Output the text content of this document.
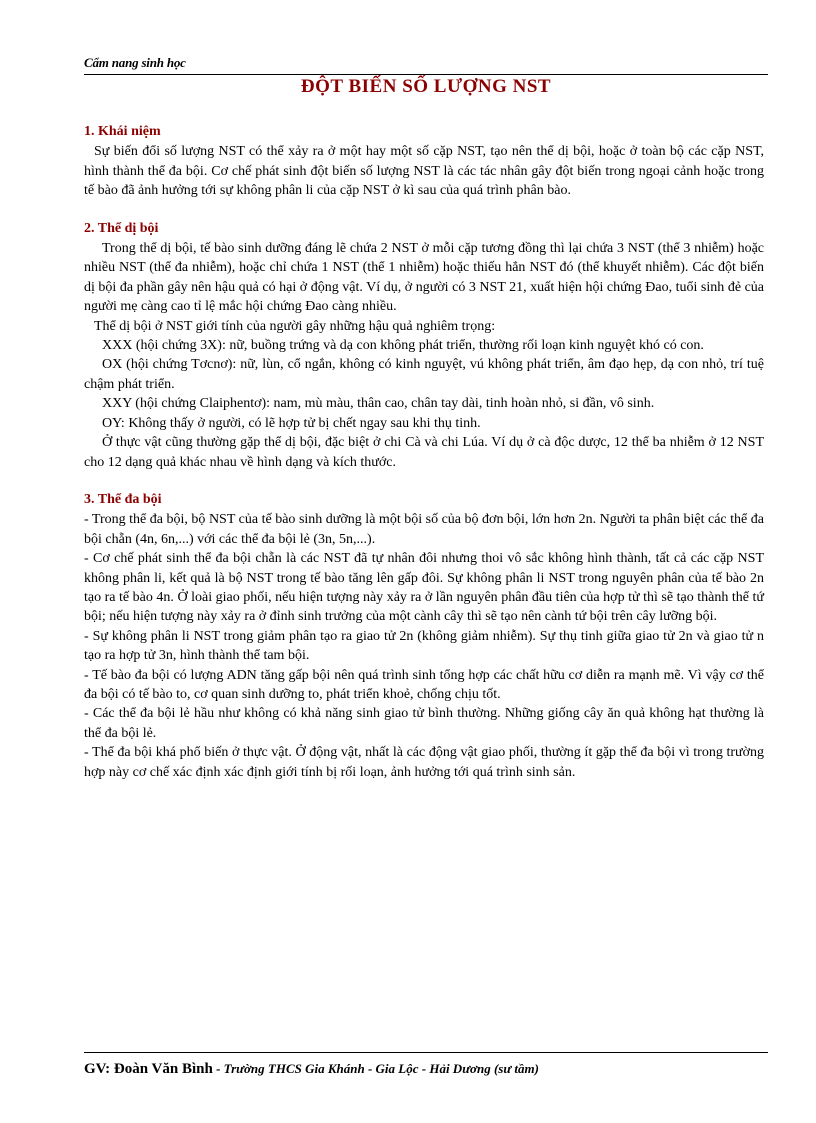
Cẩm nang sinh học
ĐỘT BIẾN SỐ LƯỢNG NST
1. Khái niệm

Sự biến đổi số lượng NST có thể xảy ra ở một hay một số cặp NST, tạo nên thể dị bội, hoặc ở toàn bộ các cặp NST, hình thành thể đa bội. Cơ chế phát sinh đột biến số lượng NST là các tác nhân gây đột biến trong ngoại cảnh hoặc trong tế bào đã ảnh hưởng tới sự không phân li của cặp NST ở kì sau của quá trình phân bào.

2. Thể dị bội

Trong thể dị bội, tế bào sinh dưỡng đáng lẽ chứa 2 NST ở mỗi cặp tương đồng thì lại chứa 3 NST (thể 3 nhiễm) hoặc nhiều NST (thể đa nhiễm), hoặc chỉ chứa 1 NST (thể 1 nhiễm) hoặc thiếu hẳn NST đó (thể khuyết nhiễm). Các đột biến dị bội đa phần gây nên hậu quả có hại ở động vật. Ví dụ, ở người có 3 NST 21, xuất hiện hội chứng Đao, tuổi sinh đẻ của người mẹ càng cao tỉ lệ mắc hội chứng Đao càng nhiều.

Thể dị bội ở NST giới tính của người gây những hậu quả nghiêm trọng:

XXX (hội chứng 3X): nữ, buồng trứng và dạ con không phát triển, thường rối loạn kinh nguyệt khó có con.

OX (hội chứng Tơcnơ): nữ, lùn, cổ ngắn, không có kinh nguyệt, vú không phát triển, âm đạo hẹp, dạ con nhỏ, trí tuệ chậm phát triển.

XXY (hội chứng Claiphentơ): nam, mù màu, thân cao, chân tay dài, tinh hoàn nhỏ, si đần, vô sinh.

OY: Không thấy ở người, có lẽ hợp tử bị chết ngay sau khi thụ tinh.

Ở thực vật cũng thường gặp thể dị bội, đặc biệt ở chi Cà và chi Lúa. Ví dụ ở cà độc dược, 12 thể ba nhiễm ở 12 NST cho 12 dạng quả khác nhau về hình dạng và kích thước.

3. Thể đa bội

- Trong thể đa bội, bộ NST của tế bào sinh dưỡng là một bội số của bộ đơn bội, lớn hơn 2n. Người ta phân biệt các thể đa bội chẵn (4n, 6n,...) với các thể đa bội lẻ (3n, 5n,...).

- Cơ chế phát sinh thể đa bội chẵn là các NST đã tự nhân đôi nhưng thoi vô sắc không hình thành, tất cả các cặp NST không phân li, kết quả là bộ NST trong tế bào tăng lên gấp đôi. Sự không phân li NST trong nguyên phân của tế bào 2n tạo ra tế bào 4n. Ở loài giao phối, nếu hiện tượng này xảy ra ở lần nguyên phân đầu tiên của hợp tử thì sẽ tạo thành thể tứ bội; nếu hiện tượng này xảy ra ở đỉnh sinh trưởng của một cành cây thì sẽ tạo nên cành tứ bội trên cây lưỡng bội.

- Sự không phân li NST trong giảm phân tạo ra giao tử 2n (không giảm nhiễm). Sự thụ tinh giữa giao tử 2n và giao tử n tạo ra hợp tử 3n, hình thành thể tam bội.

- Tế bào đa bội có lượng ADN tăng gấp bội nên quá trình sinh tổng hợp các chất hữu cơ diễn ra mạnh mẽ. Vì vậy cơ thể đa bội có tế bào to, cơ quan sinh dưỡng to, phát triển khoẻ, chống chịu tốt.

- Các thể đa bội lẻ hầu như không có khả năng sinh giao tử bình thường. Những giống cây ăn quả không hạt thường là thể đa bội lẻ.

- Thể đa bội khá phổ biến ở thực vật. Ở động vật, nhất là các động vật giao phối, thường ít gặp thể đa bội vì trong trường hợp này cơ chế xác định xác định giới tính bị rối loạn, ảnh hưởng tới quá trình sinh sản.

GV: Đoàn Văn Bình - Trường THCS Gia Khánh - Gia Lộc - Hải Dương (sư tầm)
